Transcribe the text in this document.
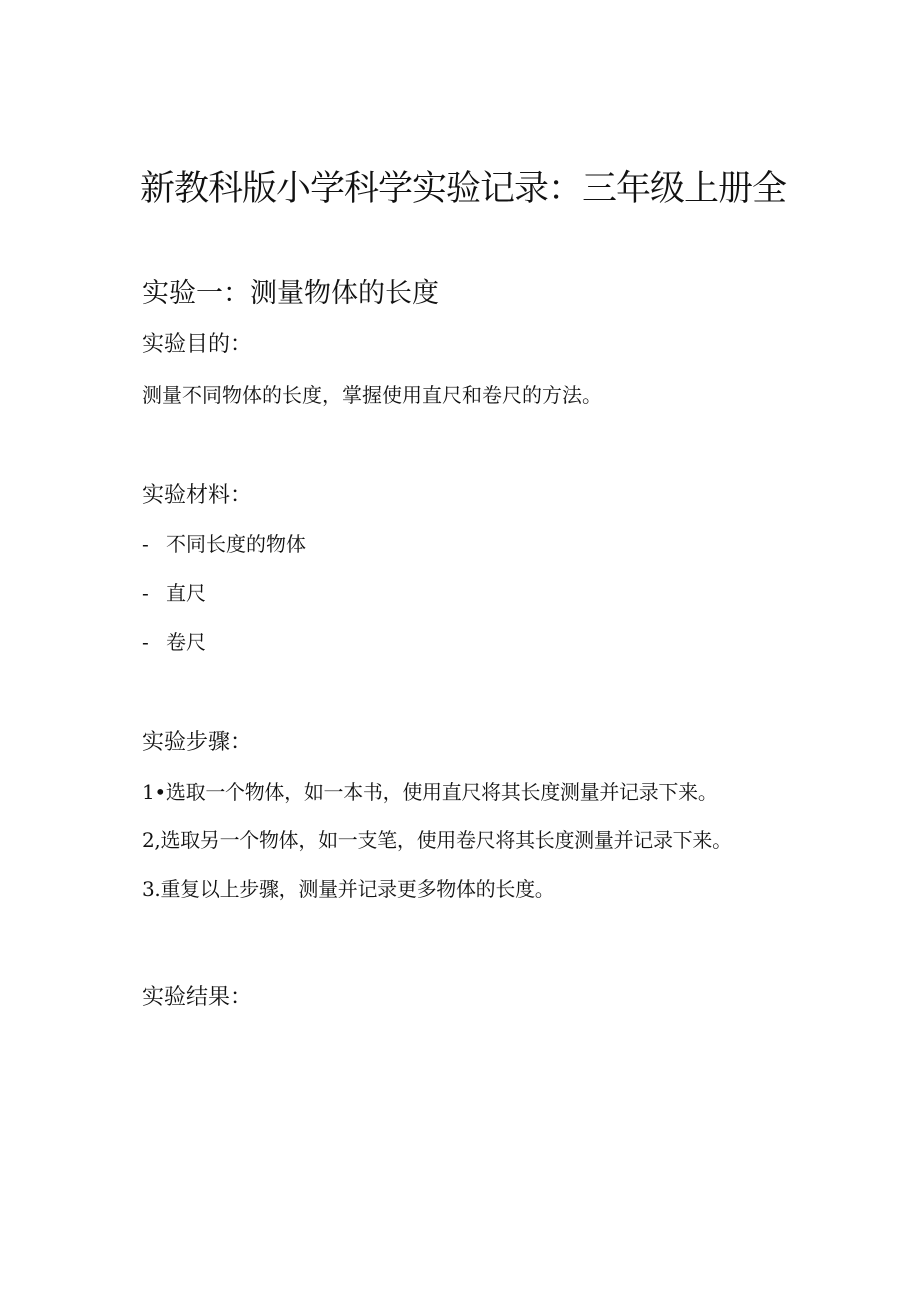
新教科版小学科学实验记录：三年级上册全
实验一：测量物体的长度
实验目的：
测量不同物体的长度，掌握使用直尺和卷尺的方法。
实验材料：
- 不同长度的物体
- 直尺
- 卷尺
实验步骤：
1•选取一个物体，如一本书，使用直尺将其长度测量并记录下来。
2,选取另一个物体，如一支笔，使用卷尺将其长度测量并记录下来。
3.重复以上步骤，测量并记录更多物体的长度。
实验结果：
